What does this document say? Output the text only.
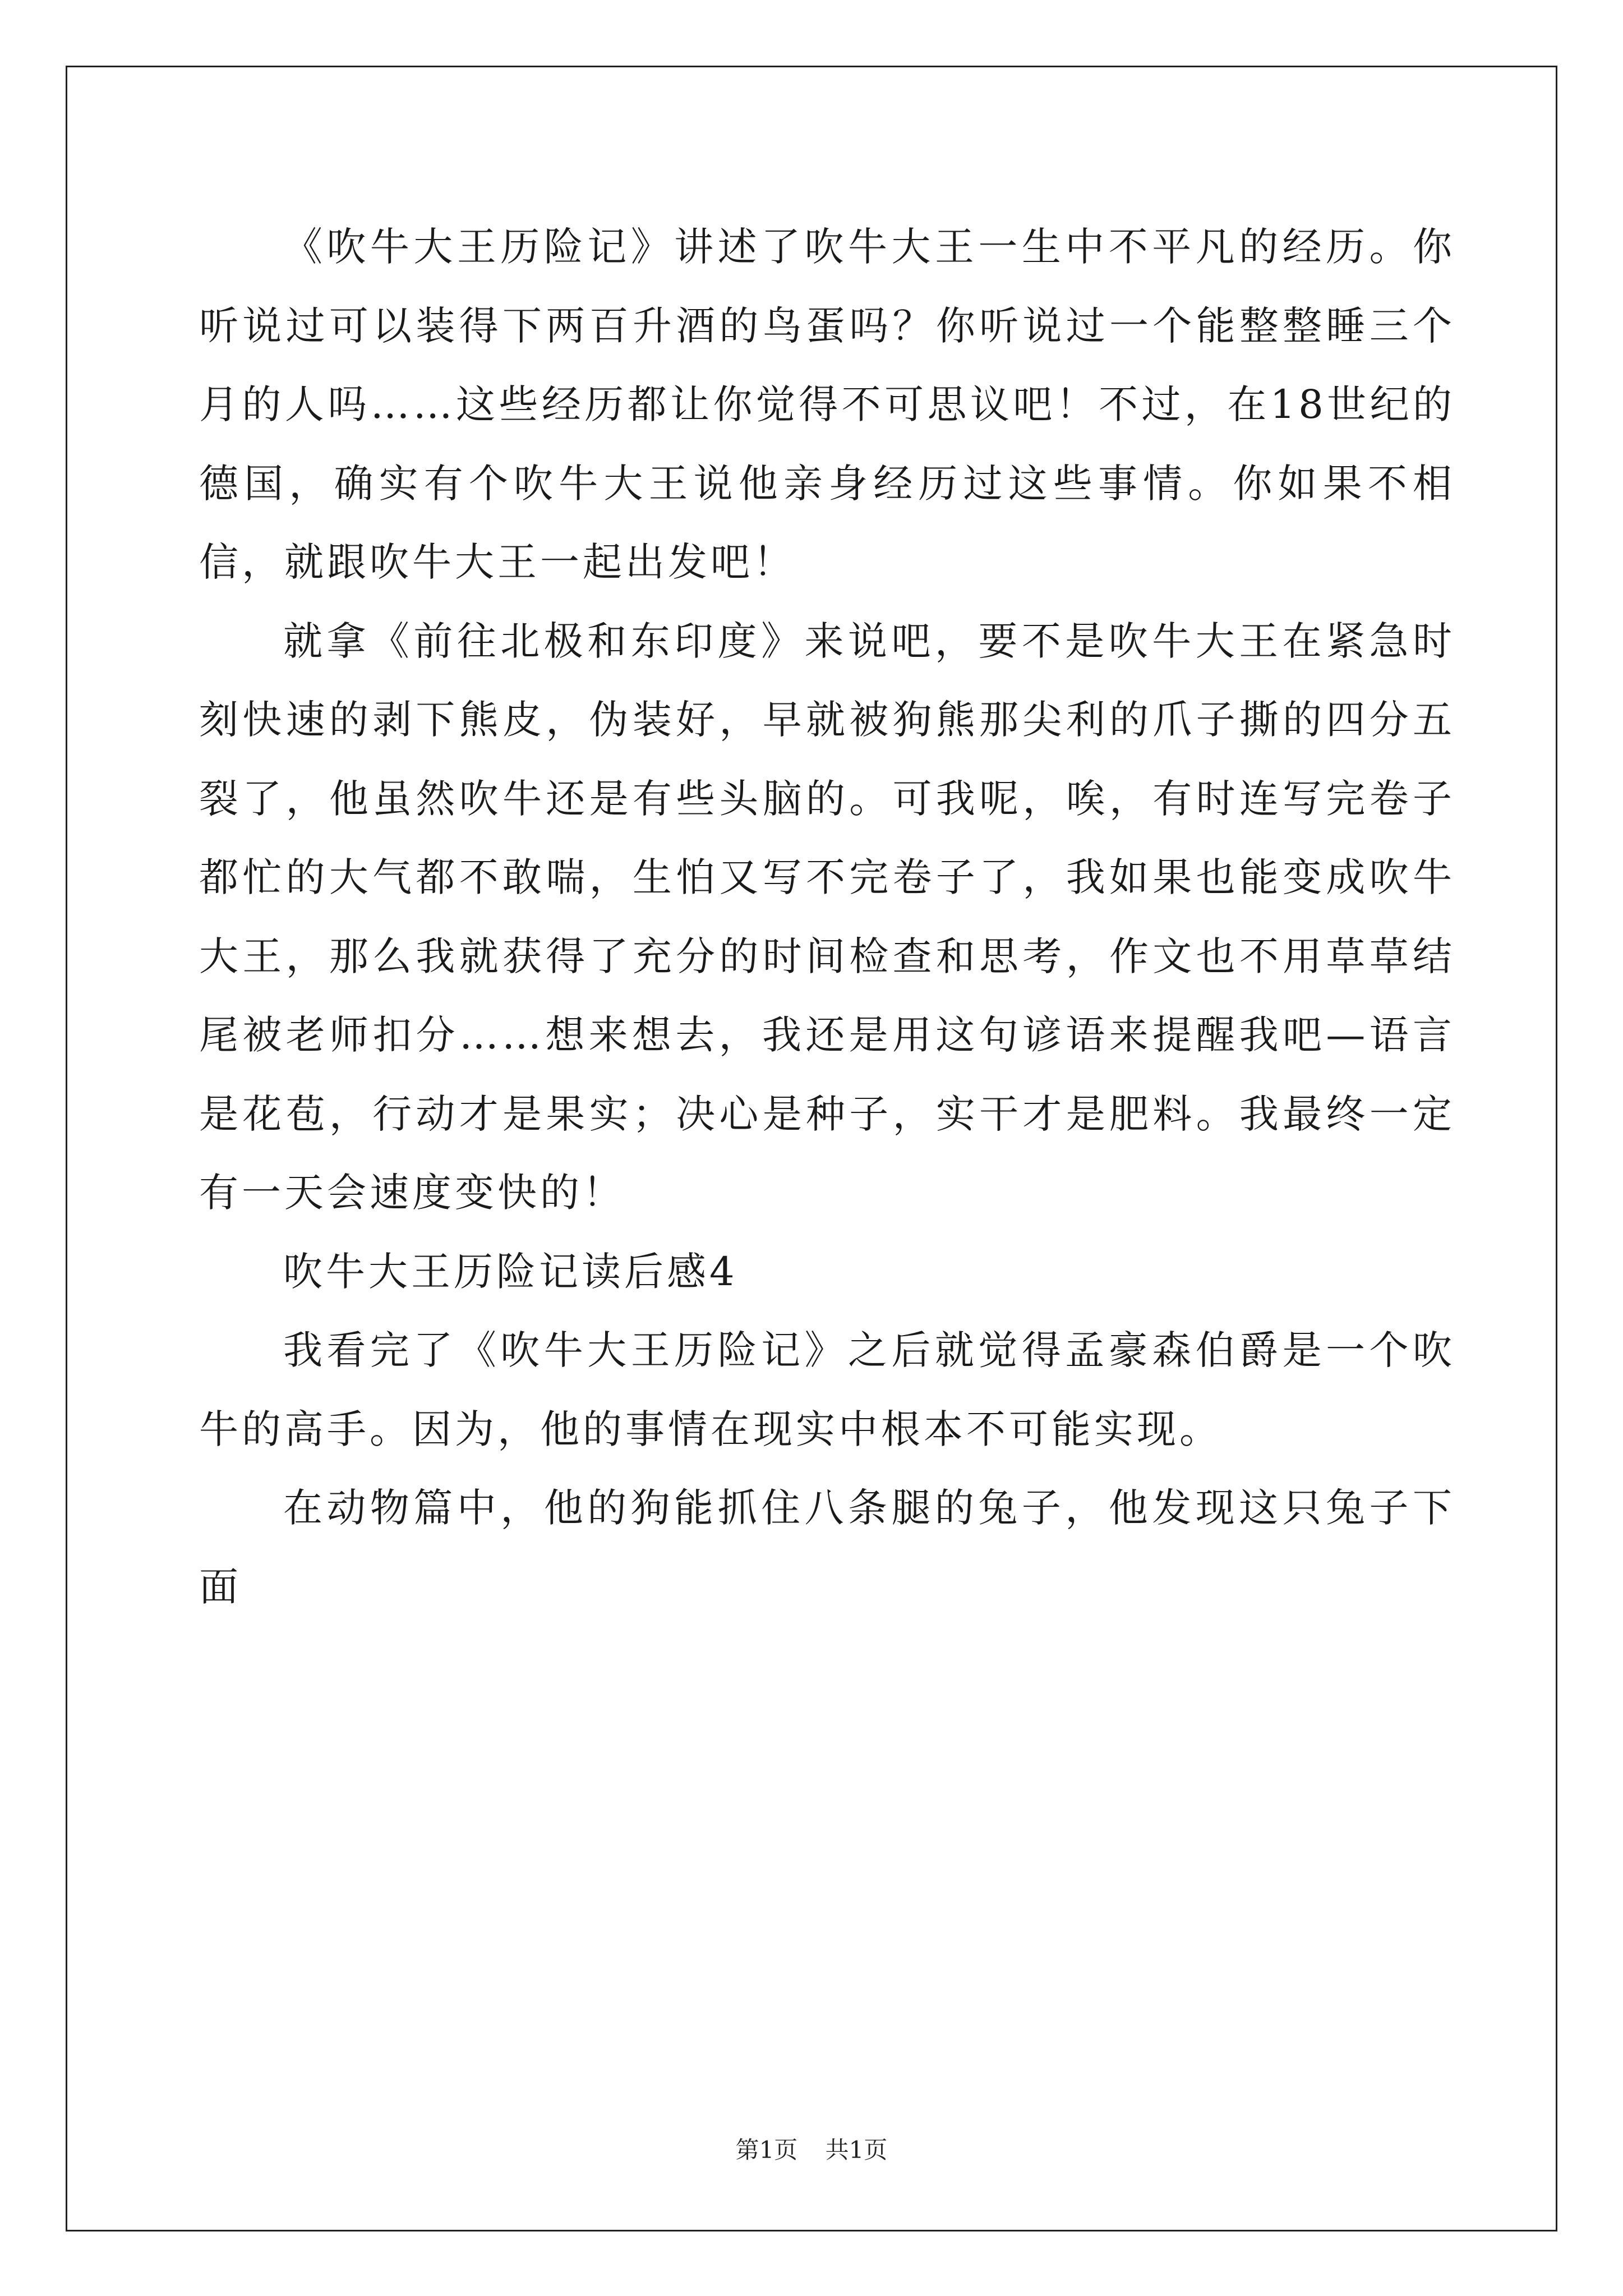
《吹牛大王历险记》讲述了吹牛大王一生中不平凡的经历。你听说过可以装得下两百升酒的鸟蛋吗？你听说过一个能整整睡三个月的人吗……这些经历都让你觉得不可思议吧！不过，在18世纪的德国，确实有个吹牛大王说他亲身经历过这些事情。你如果不相信，就跟吹牛大王一起出发吧！

就拿《前往北极和东印度》来说吧，要不是吹牛大王在紧急时刻快速的剥下熊皮，伪装好，早就被狗熊那尖利的爪子撕的四分五裂了，他虽然吹牛还是有些头脑的。可我呢，唉，有时连写完卷子都忙的大气都不敢喘，生怕又写不完卷子了，我如果也能变成吹牛大王，那么我就获得了充分的时间检查和思考，作文也不用草草结尾被老师扣分……想来想去，我还是用这句谚语来提醒我吧—语言是花苞，行动才是果实；决心是种子，实干才是肥料。我最终一定有一天会速度变快的！

吹牛大王历险记读后感4

我看完了《吹牛大王历险记》之后就觉得孟豪森伯爵是一个吹牛的高手。因为，他的事情在现实中根本不可能实现。

在动物篇中，他的狗能抓住八条腿的兔子，他发现这只兔子下面

第1页 共1页
